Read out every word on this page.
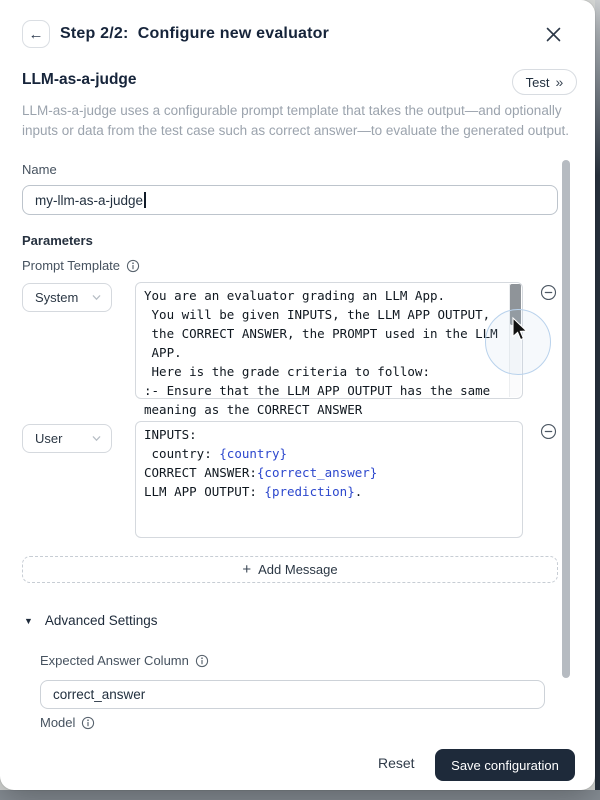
← Step 2/2:  Configure new evaluator
LLM-as-a-judge	Test »
LLM-as-a-judge uses a configurable prompt template that takes the output—and optionally inputs or data from the test case such as correct answer—to evaluate the generated output.
Name
my-llm-as-a-judge
Parameters
Prompt Template
System	You are an evaluator grading an LLM App.
You will be given INPUTS, the LLM APP OUTPUT,
the CORRECT ANSWER, the PROMPT used in the LLM
APP.
Here is the grade criteria to follow:
:- Ensure that the LLM APP OUTPUT has the same
meaning as the CORRECT ANSWER
User	INPUTS:
country: {country}
CORRECT ANSWER:{correct_answer}
LLM APP OUTPUT: {prediction}.
+ Add Message
▼ Advanced Settings
Expected Answer Column
correct_answer
Model
Reset	Save configuration
